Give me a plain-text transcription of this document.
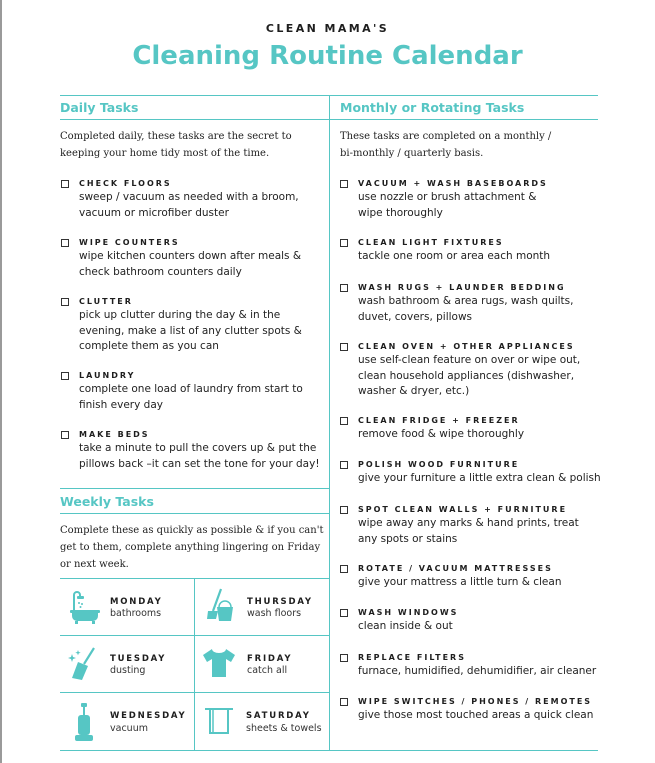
CLEAN MAMA'S
Cleaning Routine Calendar
Daily Tasks
Completed daily, these tasks are the secret to
keeping your home tidy most of the time.
CHECK FLOORS
sweep / vacuum as needed with a broom,
vacuum or microfiber duster
WIPE COUNTERS
wipe kitchen counters down after meals &
check bathroom counters daily
CLUTTER
pick up clutter during the day & in the
evening, make a list of any clutter spots &
complete them as you can
LAUNDRY
complete one load of laundry from start to
finish every day
MAKE BEDS
take a minute to pull the covers up & put the
pillows back –it can set the tone for your day!
Weekly Tasks
Complete these as quickly as possible & if you can't
get to them, complete anything lingering on Friday
or next week.
MONDAY
bathrooms
THURSDAY
wash floors
TUESDAY
dusting
FRIDAY
catch all
WEDNESDAY
vacuum
SATURDAY
sheets & towels
Monthly or Rotating Tasks
These tasks are completed on a monthly /
bi-monthly / quarterly basis.
VACUUM + WASH BASEBOARDS
use nozzle or brush attachment &
wipe thoroughly
CLEAN LIGHT FIXTURES
tackle one room or area each month
WASH RUGS + LAUNDER BEDDING
wash bathroom & area rugs, wash quilts,
duvet, covers, pillows
CLEAN OVEN + OTHER APPLIANCES
use self-clean feature on over or wipe out,
clean household appliances (dishwasher,
washer & dryer, etc.)
CLEAN FRIDGE + FREEZER
remove food & wipe thoroughly
POLISH WOOD FURNITURE
give your furniture a little extra clean & polish
SPOT CLEAN WALLS + FURNITURE
wipe away any marks & hand prints, treat
any spots or stains
ROTATE / VACUUM MATTRESSES
give your mattress a little turn & clean
WASH WINDOWS
clean inside & out
REPLACE FILTERS
furnace, humidified, dehumidifier, air cleaner
WIPE SWITCHES / PHONES / REMOTES
give those most touched areas a quick clean
